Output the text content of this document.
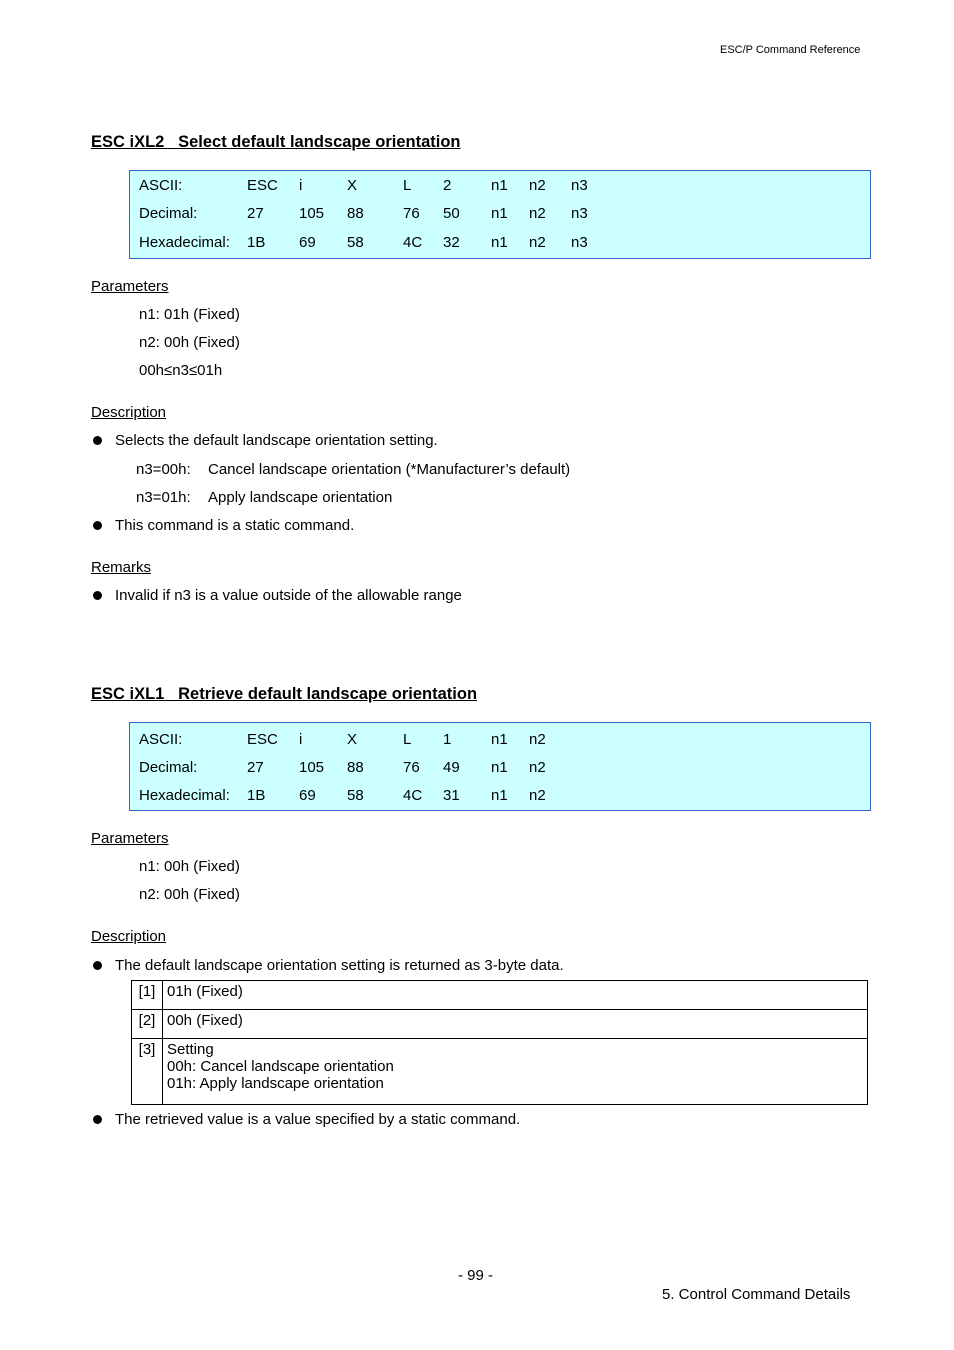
ESC/P Command Reference
ESC iXL2   Select default landscape orientation
ASCII:	ESC i	X	L 2	n1 n2 n3
Decimal:	27 105 88	76 50 n1 n2 n3
Hexadecimal: 1B 69 58	4C 32 n1 n2 n3
Parameters
n1: 01h (Fixed)
n2: 00h (Fixed)
00h≤n3≤01h
Description
Selects the default landscape orientation setting.
n3=00h: Cancel landscape orientation (*Manufacturer’s default)
n3=01h: Apply landscape orientation
This command is a static command.
Remarks
Invalid if n3 is a value outside of the allowable range
ESC iXL1   Retrieve default landscape orientation
ASCII:	ESC i	X	L 1	n1 n2
Decimal:	27 105 88	76 49 n1 n2
Hexadecimal: 1B 69 58	4C 31 n1 n2
Parameters
n1: 00h (Fixed)
n2: 00h (Fixed)
Description
The default landscape orientation setting is returned as 3-byte data.
[1]	01h (Fixed)

[2]	00h (Fixed)

[3]	Setting
00h: Cancel landscape orientation
01h: Apply landscape orientation
The retrieved value is a value specified by a static command.
- 99 -
5. Control Command Details
